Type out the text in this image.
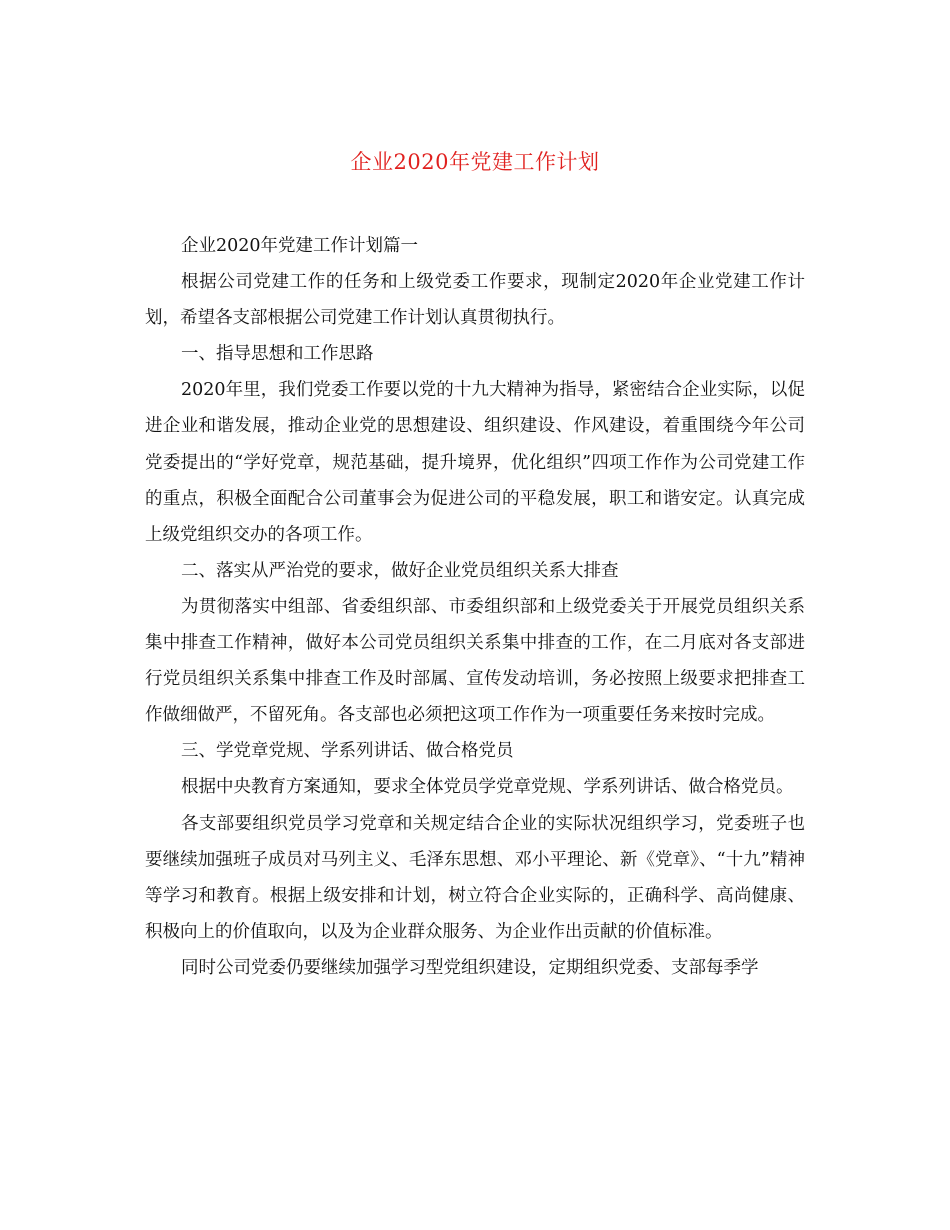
企业2020年党建工作计划

企业2020年党建工作计划篇一

根据公司党建工作的任务和上级党委工作要求，现制定2020年企业党建工作计划，希望各支部根据公司党建工作计划认真贯彻执行。

一、指导思想和工作思路

2020年里，我们党委工作要以党的十九大精神为指导，紧密结合企业实际，以促进企业和谐发展，推动企业党的思想建设、组织建设、作风建设，着重围绕今年公司党委提出的“学好党章，规范基础，提升境界，优化组织”四项工作作为公司党建工作的重点，积极全面配合公司董事会为促进公司的平稳发展，职工和谐安定。认真完成上级党组织交办的各项工作。

二、落实从严治党的要求，做好企业党员组织关系大排查

为贯彻落实中组部、省委组织部、市委组织部和上级党委关于开展党员组织关系集中排查工作精神，做好本公司党员组织关系集中排查的工作，在二月底对各支部进行党员组织关系集中排查工作及时部属、宣传发动培训，务必按照上级要求把排查工作做细做严，不留死角。各支部也必须把这项工作作为一项重要任务来按时完成。

三、学党章党规、学系列讲话、做合格党员

根据中央教育方案通知，要求全体党员学党章党规、学系列讲话、做合格党员。

各支部要组织党员学习党章和关规定结合企业的实际状况组织学习，党委班子也要继续加强班子成员对马列主义、毛泽东思想、邓小平理论、新《党章》、“十九”精神等学习和教育。根据上级安排和计划，树立符合企业实际的，正确科学、高尚健康、积极向上的价值取向，以及为企业群众服务、为企业作出贡献的价值标准。

同时公司党委仍要继续加强学习型党组织建设，定期组织党委、支部每季学
